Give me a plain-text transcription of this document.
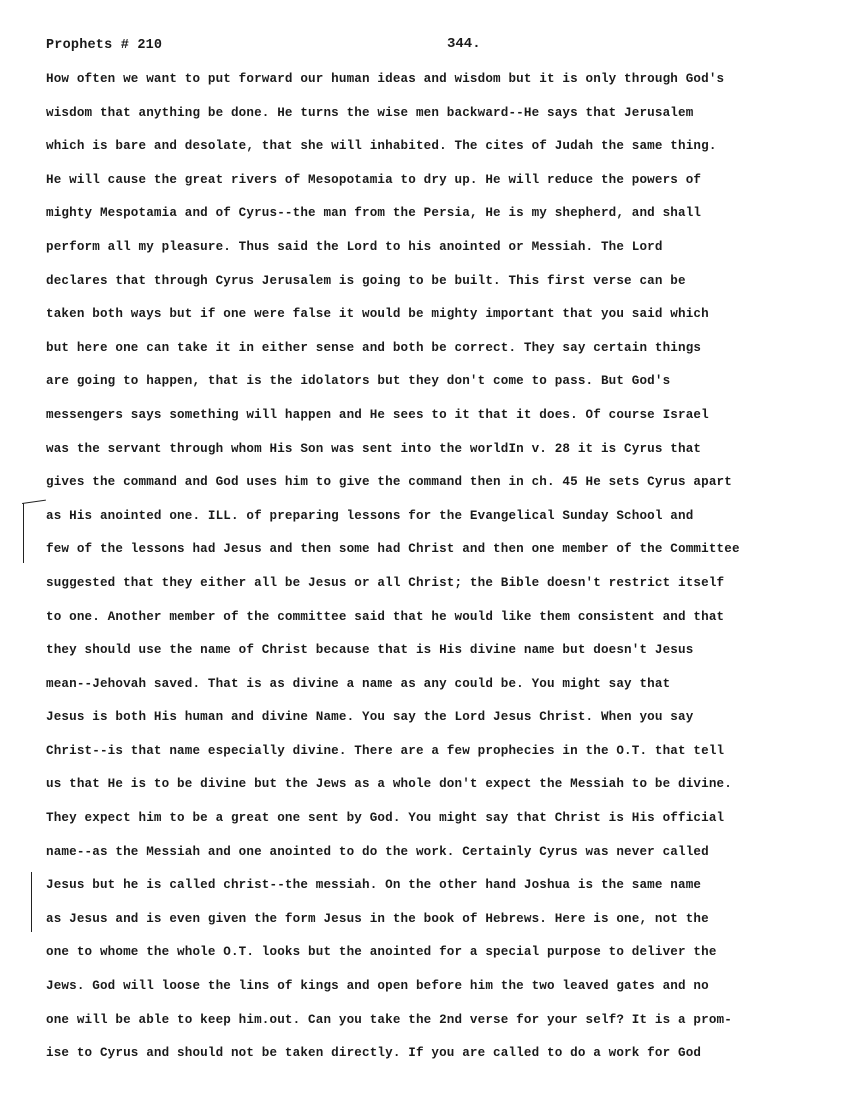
Prophets # 210	344.
How often we want to put forward our human ideas and wisdom but it is only through God's
wisdom that anything be done. He turns the wise men backward--He says that Jerusalem
which is bare and desolate, that she will inhabited. The cites of Judah the same thing.
He will cause the great rivers of Mesopotamia to dry up. He will reduce the powers of
mighty Mespotamia and of Cyrus--the man from the Persia, He is my shepherd, and shall
perform all my pleasure. Thus said the Lord to his anointed or Messiah. The Lord
declares that through Cyrus Jerusalem is going to be built. This first verse can be
taken both ways but if one were false it would be mighty important that you said which
but here one can take it in either sense and both be correct. They say certain things
are going to happen, that is the idolators but they don't come to pass. But God's
messengers says something will happen and He sees to it that it does. Of course Israel
was the servant through whom His Son was sent into the worldIn v. 28 it is Cyrus that
gives the command and God uses him to give the command then in ch. 45 He sets Cyrus apart
as His anointed one. ILL. of preparing lessons for the Evangelical Sunday School and
few of the lessons had Jesus and then some had Christ and then one member of the Committee
suggested that they either all be Jesus or all Christ; the Bible doesn't restrict itself
to one. Another member of the committee said that he would like them consistent and that
they should use the name of Christ because that is His divine name but doesn't Jesus
mean--Jehovah saved. That is as divine a name as any could be. You might say that
Jesus is both His human and divine Name. You say the Lord Jesus Christ. When you say
Christ--is that name especially divine. There are a few prophecies in the O.T. that tell
us that He is to be divine but the Jews as a whole don't expect the Messiah to be divine.
They expect him to be a great one sent by God. You might say that Christ is His official
name--as the Messiah and one anointed to do the work. Certainly Cyrus was never called
Jesus but he is called christ--the messiah. On the other hand Joshua is the same name
as Jesus and is even given the form Jesus in the book of Hebrews. Here is one, not the
one to whome the whole O.T. looks but the anointed for a special purpose to deliver the
Jews. God will loose the lins of kings and open before him the two leaved gates and no
one will be able to keep him.out. Can you take the 2nd verse for your self? It is a prom-
ise to Cyrus and should not be taken directly. If you are called to do a work for God
